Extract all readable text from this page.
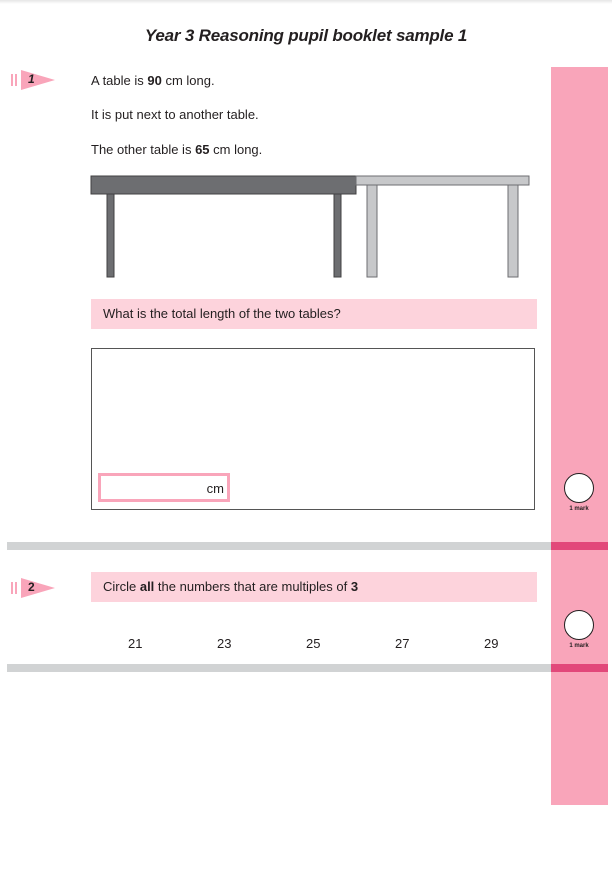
Year 3 Reasoning pupil booklet sample 1
1	A table is 90 cm long.
It is put next to another table.
The other table is 65 cm long.
What is the total length of the two tables?
cm
1 mark
2	Circle all the numbers that are multiples of 3
21	23	25	27	29	1 mark
